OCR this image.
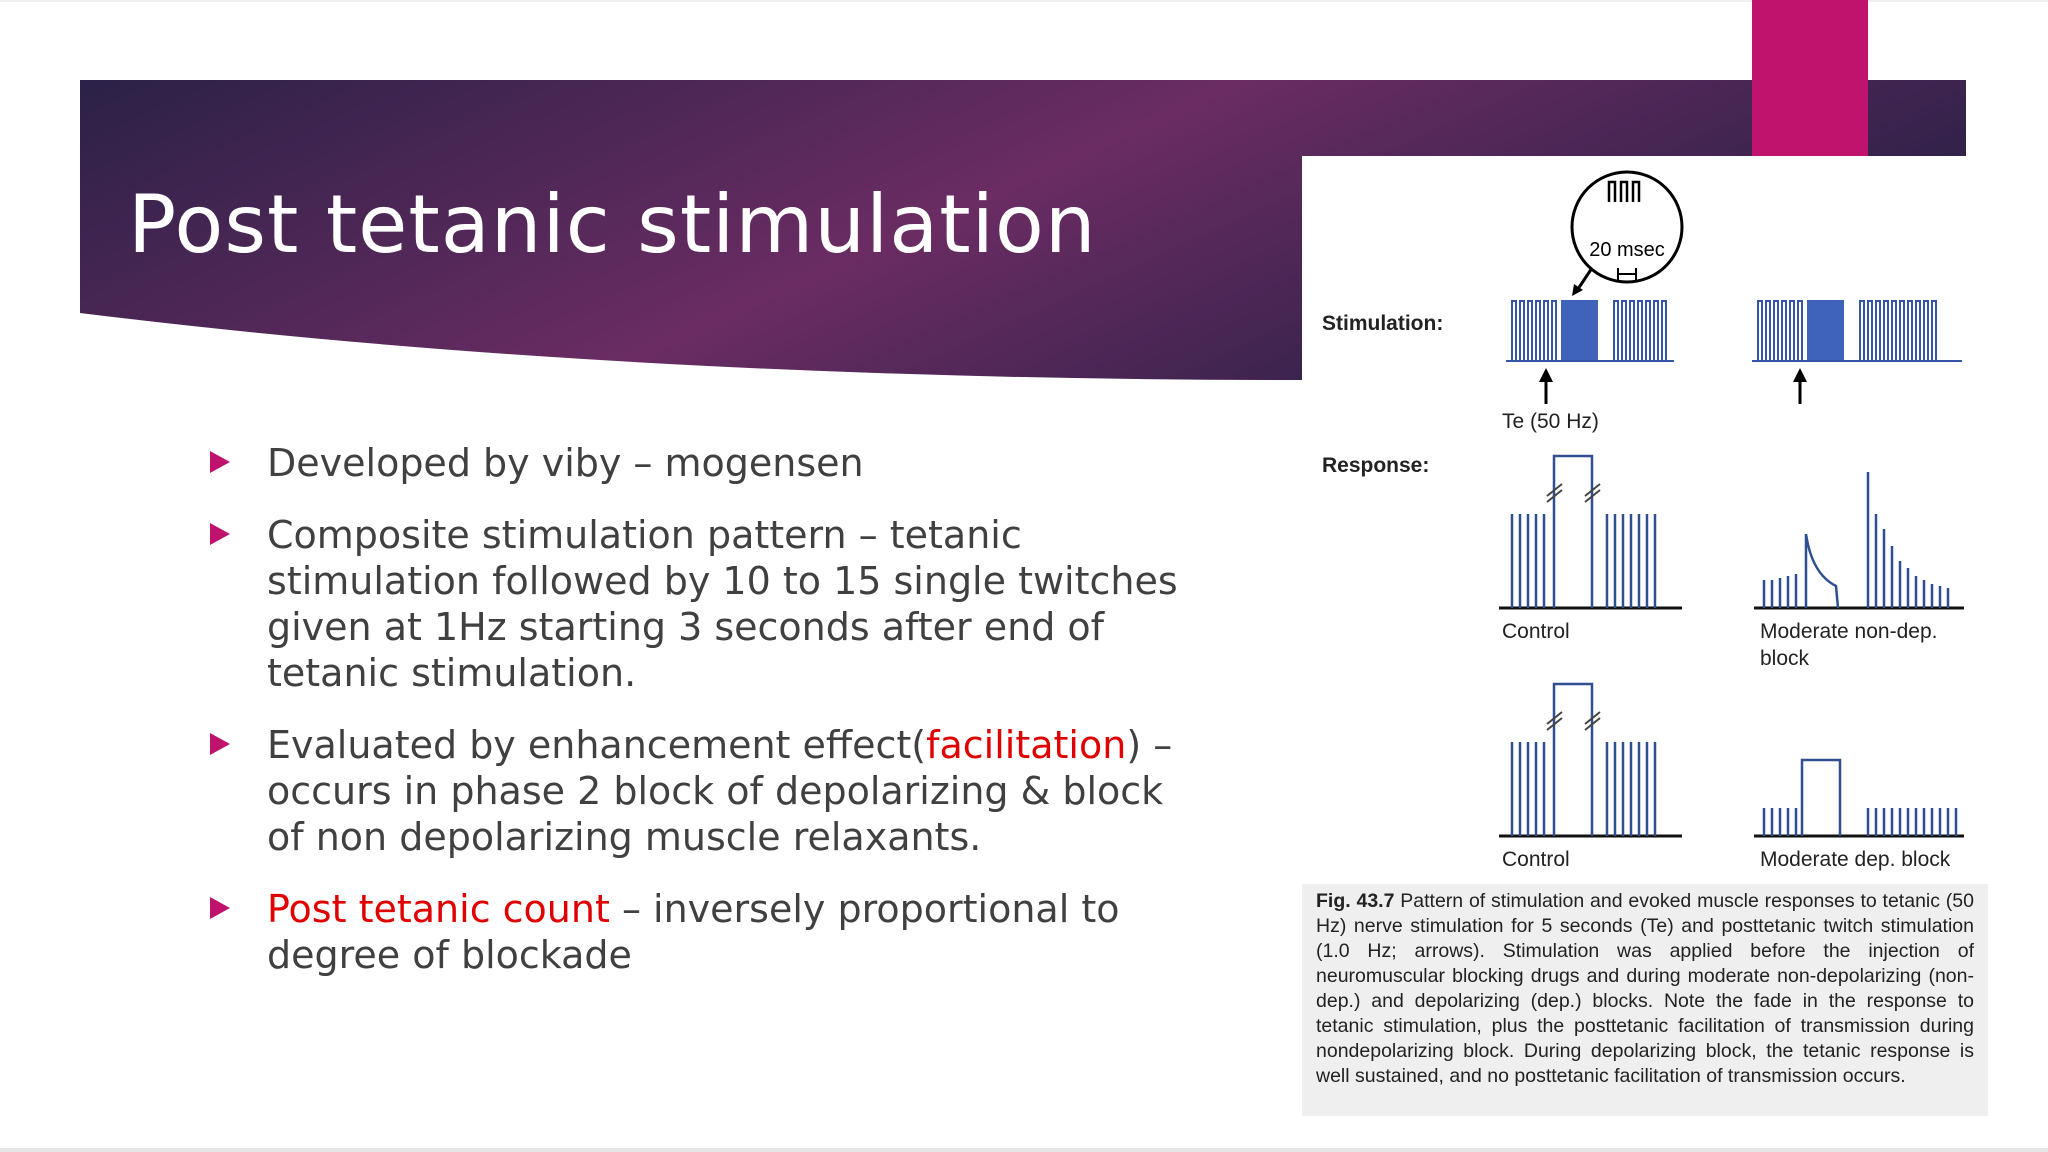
Post tetanic stimulation
Developed by viby – mogensen
Composite stimulation pattern – tetanic stimulation followed by 10 to 15 single twitches given at 1Hz starting 3 seconds after end of tetanic stimulation.
Evaluated by enhancement effect(facilitation) – occurs in phase 2 block of depolarizing & block of non depolarizing muscle relaxants.
Post tetanic count – inversely proportional to degree of blockade
20 msec
Stimulation:
Response:
Te (50 Hz)
Control	Moderate non-dep.
block
Control	Moderate dep. block
Fig. 43.7 Pattern of stimulation and evoked muscle responses to tetanic (50 Hz) nerve stimulation for 5 seconds (Te) and posttetanic twitch stimulation (1.0 Hz; arrows). Stimulation was applied before the injection of neuromuscular blocking drugs and during moderate non-depolarizing (non-dep.) and depolarizing (dep.) blocks. Note the fade in the response to tetanic stimulation, plus the posttetanic facilitation of transmission during nondepolarizing block. During depolarizing block, the tetanic response is well sustained, and no posttetanic facilitation of transmission occurs.
